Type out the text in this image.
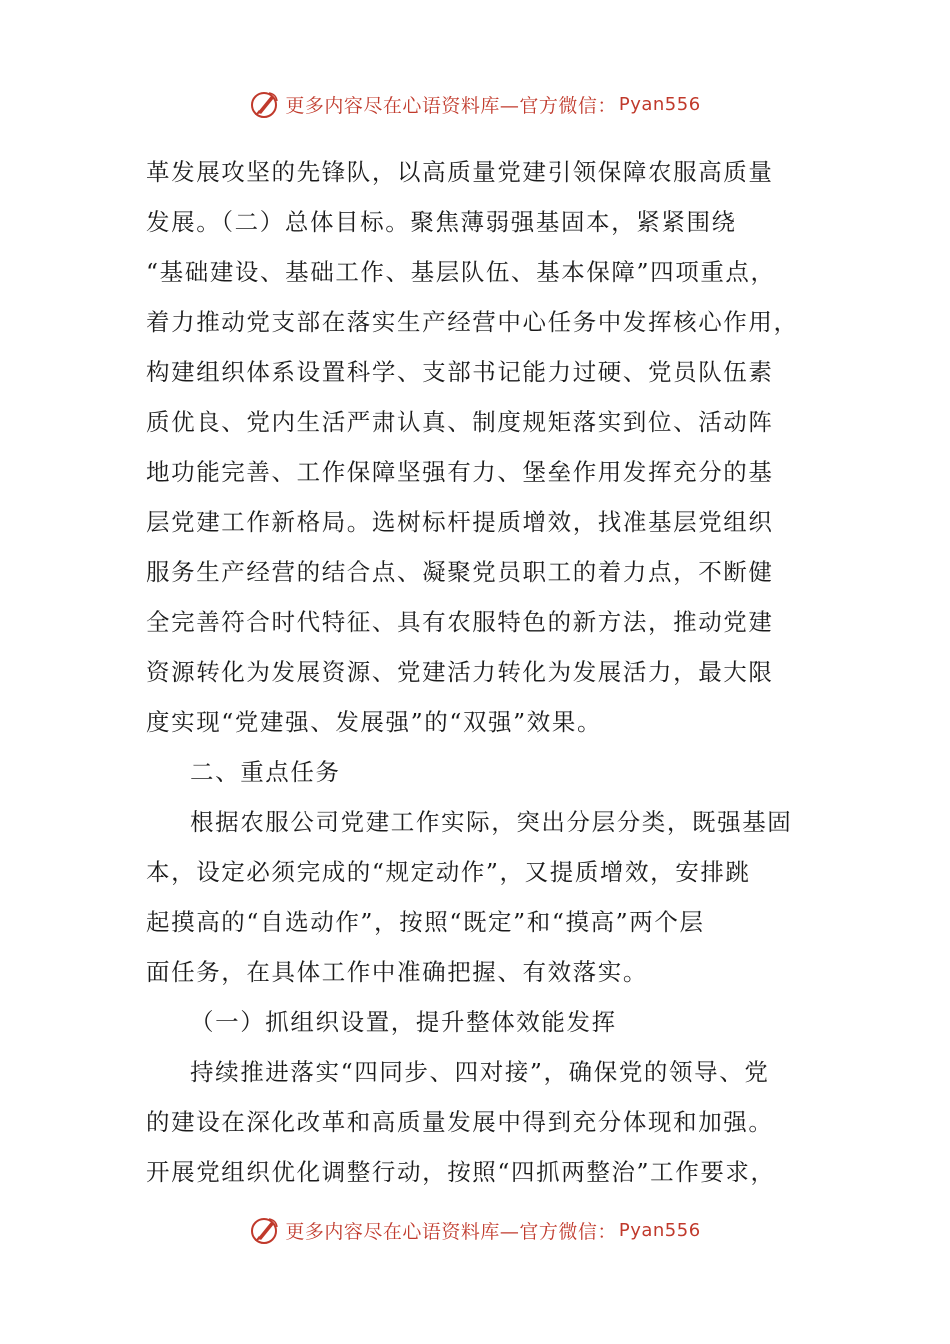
更多内容尽在心语资料库—官方微信： Pyan556
革发展攻坚的先锋队，以高质量党建引领保障农服高质量
发展。（二）总体目标。聚焦薄弱强基固本，紧紧围绕
“基础建设、基础工作、基层队伍、基本保障”四项重点，
着力推动党支部在落实生产经营中心任务中发挥核心作用，
构建组织体系设置科学、支部书记能力过硬、党员队伍素
质优良、党内生活严肃认真、制度规矩落实到位、活动阵
地功能完善、工作保障坚强有力、堡垒作用发挥充分的基
层党建工作新格局。选树标杆提质增效，找准基层党组织
服务生产经营的结合点、凝聚党员职工的着力点，不断健
全完善符合时代特征、具有农服特色的新方法，推动党建
资源转化为发展资源、党建活力转化为发展活力，最大限
度实现“党建强、发展强”的“双强”效果。
二、重点任务
根据农服公司党建工作实际，突出分层分类，既强基固
本，设定必须完成的“规定动作”，又提质增效，安排跳
起摸高的“自选动作”，按照“既定”和“摸高”两个层
面任务，在具体工作中准确把握、有效落实。
（一）抓组织设置，提升整体效能发挥
持续推进落实“四同步、四对接”，确保党的领导、党
的建设在深化改革和高质量发展中得到充分体现和加强。
开展党组织优化调整行动，按照“四抓两整治”工作要求，
更多内容尽在心语资料库—官方微信： Pyan556
